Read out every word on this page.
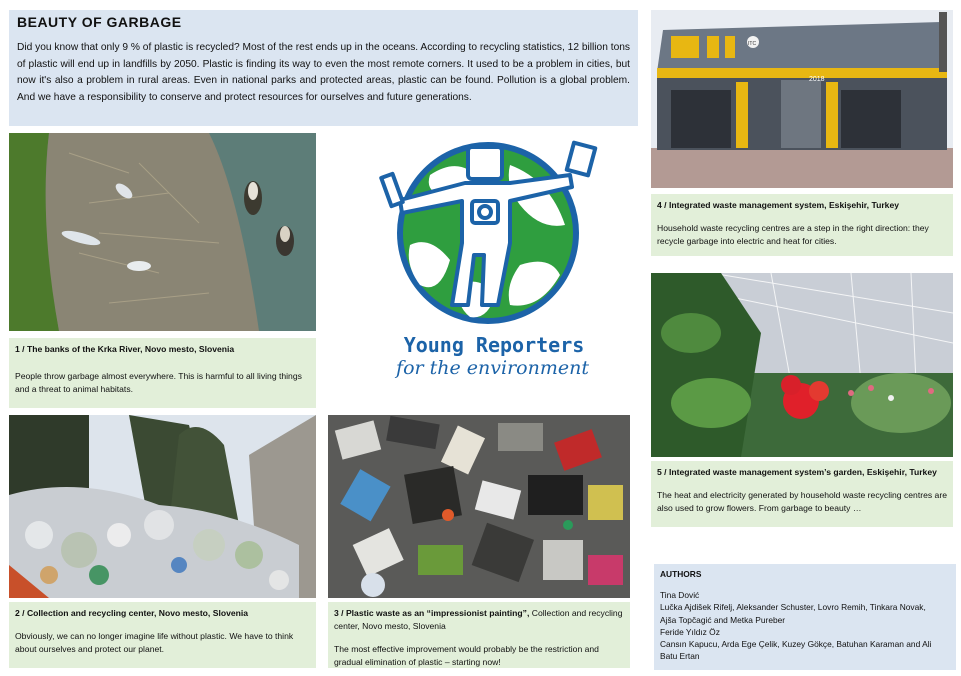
BEAUTY OF GARBAGE

Did you know that only 9 % of plastic is recycled? Most of the rest ends up in the oceans. According to recycling statistics, 12 billion tons of plastic will end up in landfills by 2050. Plastic is finding its way to even the most remote corners. It used to be a problem in cities, but now it's also a problem in rural areas. Even in national parks and protected areas, plastic can be found. Pollution is a global problem. And we have a responsibility to conserve and protect resources for ourselves and future generations.

1 / The banks of the Krka River, Novo mesto, Slovenia
People throw garbage almost everywhere. This is harmful to all living things and a threat to animal habitats.
Young Reporters
for the environment
ITC
2018
4 / Integrated waste management system, Eskişehir, Turkey
Household waste recycling centres are a step in the right direction: they recycle garbage into electric and heat for cities.
5 / Integrated waste management system’s garden, Eskişehir, Turkey
The heat and electricity generated by household waste recycling centres are also used to grow flowers. From garbage to beauty …
2 / Collection and recycling center, Novo mesto, Slovenia
Obviously, we can no longer imagine life without plastic. We have to think about ourselves and protect our planet.
3 / Plastic waste as an “impressionist painting”, Collection and recycling center, Novo mesto, Slovenia
The most effective improvement would probably be the restriction and gradual elimination of plastic – starting now!
AUTHORS
Tina Dović
Lučka Ajdišek Rifelj, Aleksander Schuster, Lovro Remih, Tinkara Novak,
Ajša Topčagić and Metka Pureber
Feride Yıldız Öz
Cansın Kapucu, Arda Ege Çelik, Kuzey Gökçe, Batuhan Karaman and Ali
Batu Ertan
